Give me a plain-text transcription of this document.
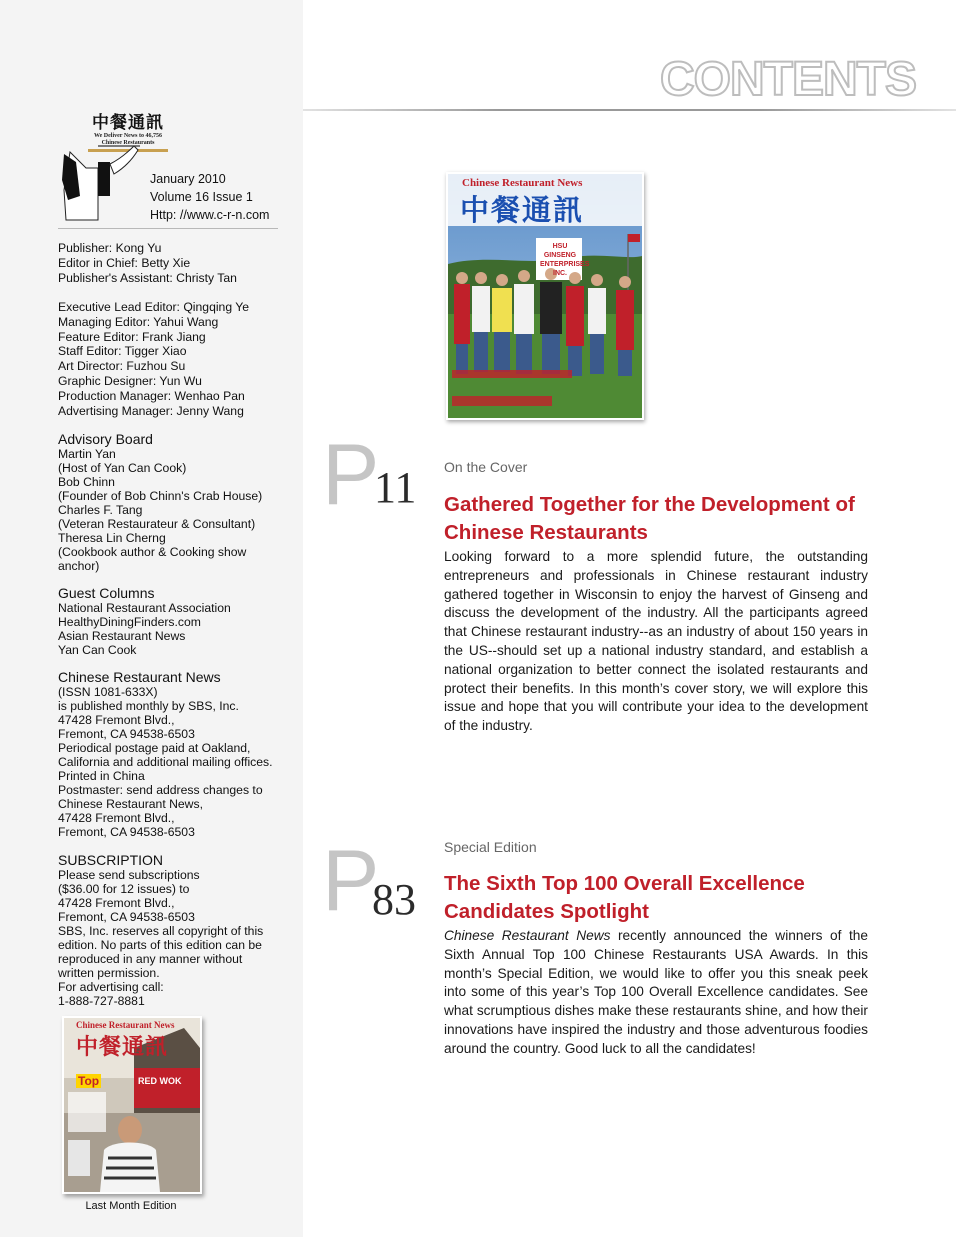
中餐通訊
We Deliver News to 46,756
Chinese Restaurants
January 2010
Volume 16 Issue 1
Http: //www.c-r-n.com
Publisher: Kong Yu
Editor in Chief: Betty Xie
Publisher's Assistant: Christy Tan
Executive Lead Editor: Qingqing Ye
Managing Editor: Yahui Wang
Feature Editor: Frank Jiang
Staff Editor: Tigger Xiao
Art Director: Fuzhou Su
Graphic Designer: Yun Wu
Production Manager: Wenhao Pan
Advertising Manager: Jenny Wang
Advisory Board
Martin Yan
(Host of Yan Can Cook)
Bob Chinn
(Founder of Bob Chinn's Crab House)
Charles F. Tang
(Veteran Restaurateur & Consultant)
Theresa Lin Cherng
(Cookbook author & Cooking show
anchor)
Guest Columns
National Restaurant Association
HealthyDiningFinders.com
Asian Restaurant News
Yan Can Cook
Chinese Restaurant News
(ISSN 1081-633X)
is published monthly by SBS, Inc.
47428 Fremont Blvd.,
Fremont, CA 94538-6503
Periodical postage paid at Oakland,
California and additional mailing offices.
Printed in China
Postmaster: send address changes to
Chinese Restaurant News,
47428 Fremont Blvd.,
Fremont, CA 94538-6503
SUBSCRIPTION
Please send subscriptions
($36.00 for 12 issues) to
47428 Fremont Blvd.,
Fremont, CA 94538-6503
SBS, Inc. reserves all copyright of this
edition. No parts of this edition can be
reproduced in any manner without
written permission.
For advertising call:
1-888-727-8881
Chinese Restaurant News
中餐通訊
Top	RED WOK
Last Month Edition
CONTENTS
Chinese Restaurant News
中餐通訊
HSU GINSENG ENTERPRISES INC.
P
11 On the Cover
Gathered Together for the Development of Chinese Restaurants
Looking forward to a more splendid future, the outstanding entrepreneurs and professionals in Chinese restaurant industry gathered together in Wisconsin to enjoy the harvest of Ginseng and discuss the development of the industry. All the participants agreed that Chinese restaurant industry--as an industry of about 150 years in the US--should set up a national industry standard, and establish a national organization to better connect the isolated restaurants and protect their benefits. In this month’s cover story, we will explore this issue and hope that you will contribute your idea to the development of the industry.
P
83
Special Edition
The Sixth Top 100 Overall Excellence Candidates Spotlight
Chinese Restaurant News recently announced the winners of the Sixth Annual Top 100 Chinese Restaurants USA Awards. In this month’s Special Edition, we would like to offer you this sneak peek into some of this year’s Top 100 Overall Excellence candidates. See what scrumptious dishes make these restaurants shine, and how their innovations have inspired the industry and those adventurous foodies around the country. Good luck to all the candidates!
